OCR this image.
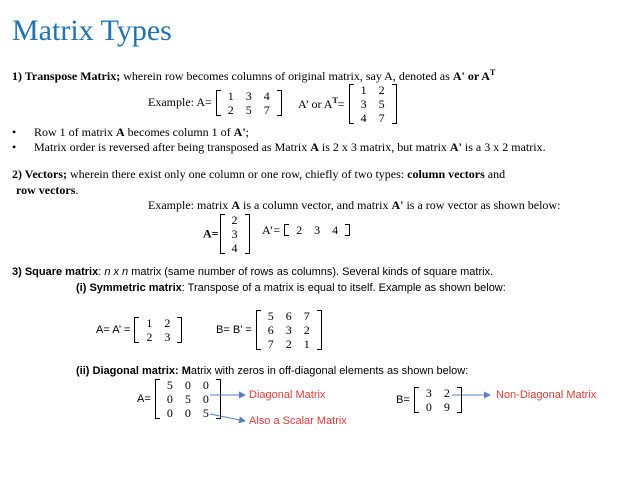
Matrix Types
1) Transpose Matrix; wherein row becomes columns of original matrix, say A, denoted as A' or $A^T$
Example: A= 1	3	4
2	5	7 A’ or $A^T=$
1	2
3	5
4	7
• Row 1 of matrix A becomes column 1 of A';
• Matrix order is reversed after being transposed as Matrix A is 2 x 3 matrix, but matrix A' is a 3 x 2 matrix.
2) Vectors; wherein there exist only one column or one row, chiefly of two types: column vectors and
row vectors.
Example: matrix A is a column vector, and matrix A' is a row vector as shown below:
A=
2
3
4
A’= 2	3	4
3) Square matrix: n x n matrix (same number of rows as columns). Several kinds of square matrix.
(i) Symmetric matrix: Transpose of a matrix is equal to itself. Example as shown below:
A= A’ = 1	2
2	3	B= B’ =
5	6	7
6	3	2
7	2	1
(ii) Diagonal matrix: Matrix with zeros in off-diagonal elements as shown below:
A=
5	0	0
0	5	0
0	0	5
Diagonal Matrix
Also a Scalar Matrix
B= 3	2
0	9
Non-Diagonal Matrix
